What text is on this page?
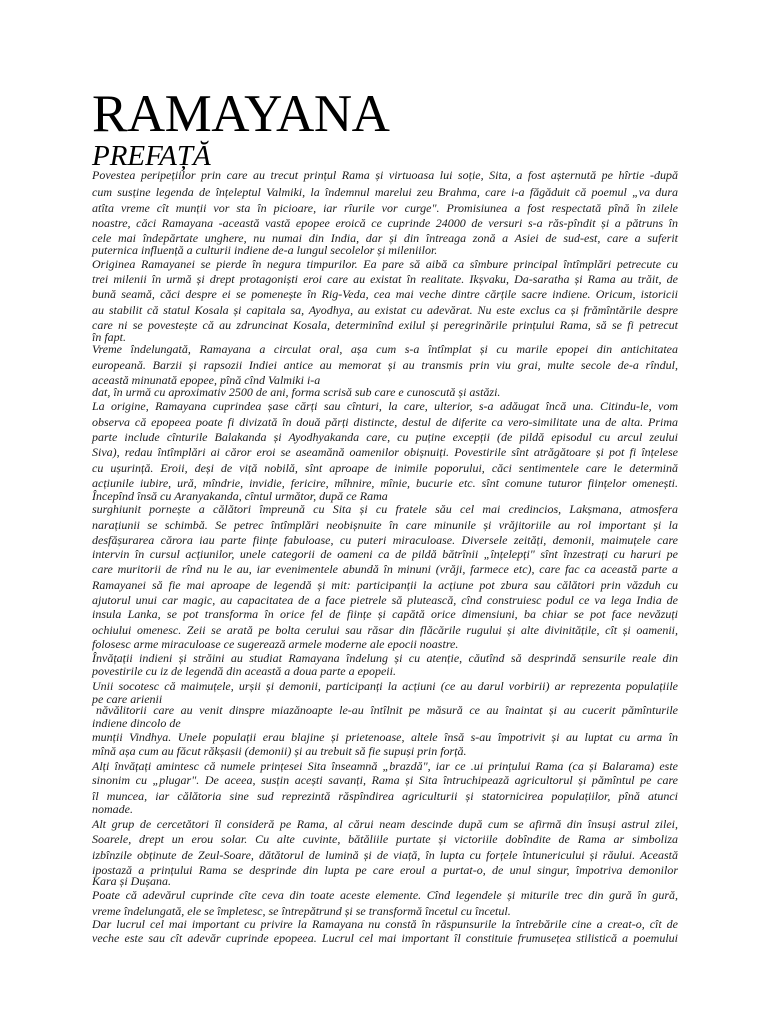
RAMAYANA
PREFAȚĂ
Povestea peripețiilor prin care au trecut prințul Rama și virtuoasa lui soție, Sita, a fost așternută pe hîrtie -după
cum susține legenda de înțeleptul Valmiki, la îndemnul marelui zeu Brahma, care i-a făgăduit că poemul „va dura
atîta vreme cît munții vor sta în picioare, iar rîurile vor curge". Promisiunea a fost respectată pînă în zilele
noastre, căci Ramayana -această vastă epopee eroică ce cuprinde 24000 de versuri s-a răs-pîndit și a pătruns în
cele mai îndepărtate unghere, nu numai din India, dar și din întreaga zonă a Asiei de sud-est, care a suferit
puternica influență a culturii indiene de-a lungul secolelor și mileniilor.
Originea Ramayanei se pierde în negura timpurilor. Ea pare să aibă ca sîmbure principal întîmplări petrecute cu
trei milenii în urmă și drept protagoniști eroi care au existat în realitate. Ikșvaku, Da-saratha și Rama au trăit, de
bună seamă, căci despre ei se pomenește în Rig-Veda, cea mai veche dintre cărțile sacre indiene. Oricum, istoricii
au stabilit că statul Kosala și capitala sa, Ayodhya, au existat cu adevărat. Nu este exclus ca și frămîntările despre
care ni se povestește că au zdruncinat Kosala, determinînd exilul și peregrinările prințului Rama, să se fi petrecut
în fapt.
Vreme îndelungată, Ramayana a circulat oral, așa cum s-a întîmplat și cu marile epopei din antichitatea
europeană. Barzii și rapsozii Indiei antice au memorat și au transmis prin viu grai, multe secole de-a rîndul,
această minunată epopee, pînă cînd Valmiki i-a
dat, în urmă cu aproximativ 2500 de ani, forma scrisă sub care e cunoscută și astăzi.
La origine, Ramayana cuprindea șase cărți sau cînturi, la care, ulterior, s-a adăugat încă una. Citindu-le, vom
observa că epopeea poate fi divizată în două părți distincte, destul de diferite ca vero-similitate una de alta. Prima
parte include cînturile Balakanda și Ayodhyakanda care, cu puține excepții (de pildă episodul cu arcul zeului
Siva), redau întîmplări ai căror eroi se aseamănă oamenilor obișnuiți. Povestirile sînt atrăgătoare și pot fi înțelese
cu ușurință. Eroii, deși de viță nobilă, sînt aproape de inimile poporului, căci sentimentele care le determină
acțiunile iubire, ură, mîndrie, invidie, fericire, mîhnire, mînie, bucurie etc. sînt comune tuturor ființelor omenești.
Începînd însă cu Aranyakanda, cîntul următor, după ce Rama
surghiunit pornește a călători împreună cu Sita și cu fratele său cel mai credincios, Lakșmana, atmosfera
narațiunii se schimbă. Se petrec întîmplări neobișnuite în care minunile și vrăjitoriile au rol important și la
desfășurarea cărora iau parte ființe fabuloase, cu puteri miraculoase. Diversele zeități, demonii, maimuțele care
intervin în cursul acțiunilor, unele categorii de oameni ca de pildă bătrînii „înțelepți" sînt înzestrați cu haruri pe
care muritorii de rînd nu le au, iar evenimentele abundă în minuni (vrăji, farmece etc), care fac ca această parte a
Ramayanei să fie mai aproape de legendă și mit: participanții la acțiune pot zbura sau călători prin văzduh cu
ajutorul unui car magic, au capacitatea de a face pietrele să plutească, cînd construiesc podul ce va lega India de
insula Lanka, se pot transforma în orice fel de ființe și capătă orice dimensiuni, ba chiar se pot face nevăzuți
ochiului omenesc. Zeii se arată pe bolta cerului sau răsar din flăcările rugului și alte divinitățile, cît și oamenii,
folosesc arme miraculoase ce sugerează armele moderne ale epocii noastre.
Învățații indieni și străini au studiat Ramayana îndelung și cu atenție, căutînd să desprindă sensurile reale din
povestirile cu iz de legendă din această a doua parte a epopeii.
Unii socotesc că maimuțele, urșii și demonii, participanți la acțiuni (ce au darul vorbirii) ar reprezenta populațiile
pe care arienii
năvălitorii care au venit dinspre miazănoapte le-au întîlnit pe măsură ce au înaintat și au cucerit pămînturile
indiene dincolo de
munții Vindhya. Unele populații erau blajine și prietenoase, altele însă s-au împotrivit și au luptat cu arma în
mînă așa cum au făcut răkșasii (demonii) și au trebuit să fie supuși prin forță.
Alți învățați amintesc că numele prințesei Sita înseamnă „brazdă", iar ce .ui prințului Rama (ca și Balarama) este
sinonim cu „plugar". De aceea, susțin acești savanți, Rama și Sita întruchipează agricultorul și pămîntul pe care
îl muncea, iar călătoria sine sud reprezintă răspîndirea agriculturii și statornicirea populațiilor, pînă atunci
nomade.
Alt grup de cercetători îl consideră pe Rama, al cărui neam descinde după cum se afirmă din însuși astrul zilei,
Soarele, drept un erou solar. Cu alte cuvinte, bătăliile purtate și victoriile dobîndite de Rama ar simboliza
izbînzile obținute de Zeul-Soare, dătătorul de lumină și de viață, în lupta cu forțele întunericului și răului. Această
ipostază a prințului Rama se desprinde din lupta pe care eroul a purtat-o, de unul singur, împotriva demonilor
Kara și Dușana.
Poate că adevărul cuprinde cîte ceva din toate aceste elemente. Cînd legendele și miturile trec din gură în gură,
vreme îndelungată, ele se împletesc, se întrepătrund și se transformă încetul cu încetul.
Dar lucrul cel mai important cu privire la Ramayana nu constă în răspunsurile la întrebările cine a creat-o, cît de
veche este sau cît adevăr cuprinde epopeea. Lucrul cel mai important îl constituie frumusețea stilistică a poemului
